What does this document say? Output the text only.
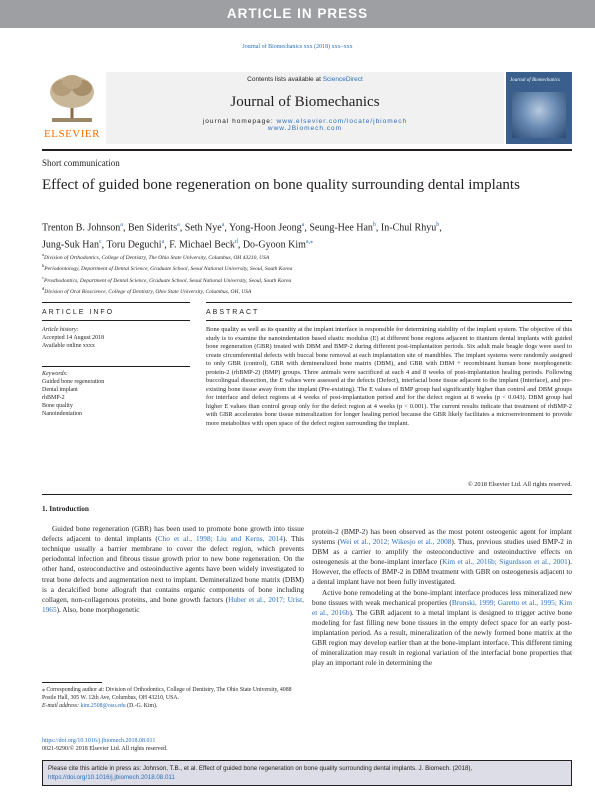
ARTICLE IN PRESS
Journal of Biomechanics xxx (2018) xxx–xxx
ELSEVIER
Contents lists available at ScienceDirect
Journal of Biomechanics
journal homepage: www.elsevier.com/locate/jbiomech
www.JBiomech.com
Journal of Biomechanics
Short communication
Effect of guided bone regeneration on bone quality surrounding dental implants
Trenton B. Johnson$^a$, Ben Siderits$^a$, Seth Nye$^a$, Yong-Hoon Jeong$^a$, Seung-Hee Han$^b$, In-Chul Rhyu$^b$,
Jung-Suk Han$^c$, Toru Deguchi$^a$, F. Michael Beck$^d$, Do-Gyoon Kim$^{a,⁎}$
$^a$Division of Orthodontics, College of Dentistry, The Ohio State University, Columbus, OH 43210, USA
$^b$Periodontology, Department of Dental Science, Graduate School, Seoul National University, Seoul, South Korea
$^c$Prosthodontics, Department of Dental Science, Graduate School, Seoul National University, Seoul, South Korea
$^d$Division of Oral Bioscience, College of Dentistry, Ohio State University, Columbus, OH, USA
ARTICLE INFO	ABSTRACT
Article history:
Accepted 14 August 2018
Available online xxxx
Keywords:
Guided bone regeneration
Dental implant
rhBMP-2
Bone quality
Nanoindentation
Bone quality as well as its quantity at the implant interface is responsible for determining stability of the implant system. The objective of this study is to examine the nanoindentation based elastic modulus (E) at different bone regions adjacent to titanium dental implants with guided bone regeneration (GBR) treated with DBM and BMP-2 during different post-implantation periods. Six adult male beagle dogs were used to create circumferential defects with buccal bone removal at each implantation site of mandibles. The implant systems were randomly assigned to only GBR (control), GBR with demineralized bone matrix (DBM), and GBR with DBM + recombinant human bone morphogenetic protein-2 (rhBMP-2) (BMP) groups. Three animals were sacrificed at each 4 and 8 weeks of post-implantation healing periods. Following buccolingual dissection, the E values were assessed at the defects (Defect), interfacial bone tissue adjacent to the implant (Interface), and pre-existing bone tissue away from the implant (Pre-existing). The E values of BMP group had significantly higher than control and DBM groups for interface and defect regions at 4 weeks of post-implantation period and for the defect region at 8 weeks (p < 0.043). DBM group had higher E values than control group only for the defect region at 4 weeks (p < 0.001). The current results indicate that treatment of rhBMP-2 with GBR accelerates bone tissue mineralization for longer healing period because the GBR likely facilitates a microenvironment to provide more metabolites with open space of the defect region surrounding the implant.
© 2018 Elsevier Ltd. All rights reserved.
1. Introduction

Guided bone regeneration (GBR) has been used to promote bone growth into tissue defects adjacent to dental implants (Cho et al., 1998; Liu and Kerns, 2014). This technique usually a barrier membrane to cover the defect region, which prevents periodontal infection and fibrous tissue growth prior to new bone regeneration. On the other hand, osteoconductive and osteoinductive agents have been widely investigated to treat bone defects and augmentation next to implant. Demineralized bone matrix (DBM) is a decalcified bone allograft that contains organic components of bone including collagen, non-collagenous proteins, and bone growth factors (Huber et al., 2017; Urist, 1965). Also, bone morphogenetic

protein-2 (BMP-2) has been observed as the most potent osteogenic agent for implant systems (Wei et al., 2012; Wikesjo et al., 2008). Thus, previous studies used BMP-2 in DBM as a carrier to amplify the osteoconductive and osteoinductive effects on osteogenesis at the bone-implant interface (Kim et al., 2016b; Sigurdsson et al., 2001). However, the effects of BMP-2 in DBM treatment with GBR on osteogenesis adjacent to a dental implant have not been fully investigated.

Active bone remodeling at the bone-implant interface produces less mineralized new bone tissues with weak mechanical properties (Brunski, 1999; Garetto et al., 1995; Kim et al., 2016b). The GBR adjacent to a metal implant is designed to trigger active bone modeling for fast filling new bone tissues in the empty defect space for an early post-implantation period. As a result, mineralization of the newly formed bone matrix at the GBR region may develop earlier than at the bone-implant interface. This different timing of mineralization may result in regional variation of the interfacial bone properties that play an important role in determining the

⁎ Corresponding author at: Division of Orthodontics, College of Dentistry, The Ohio State University, 4088 Postle Hall, 305 W. 12th Ave, Columbus, OH 43210, USA.
E-mail address: kim.2508@osu.edu (D.-G. Kim).
https://doi.org/10.1016/j.jbiomech.2018.08.011
0021-9290/© 2018 Elsevier Ltd. All rights reserved.
Please cite this article in press as: Johnson, T.B., et al. Effect of guided bone regeneration on bone quality surrounding dental implants. J. Biomech. (2018), https://doi.org/10.1016/j.jbiomech.2018.08.011
